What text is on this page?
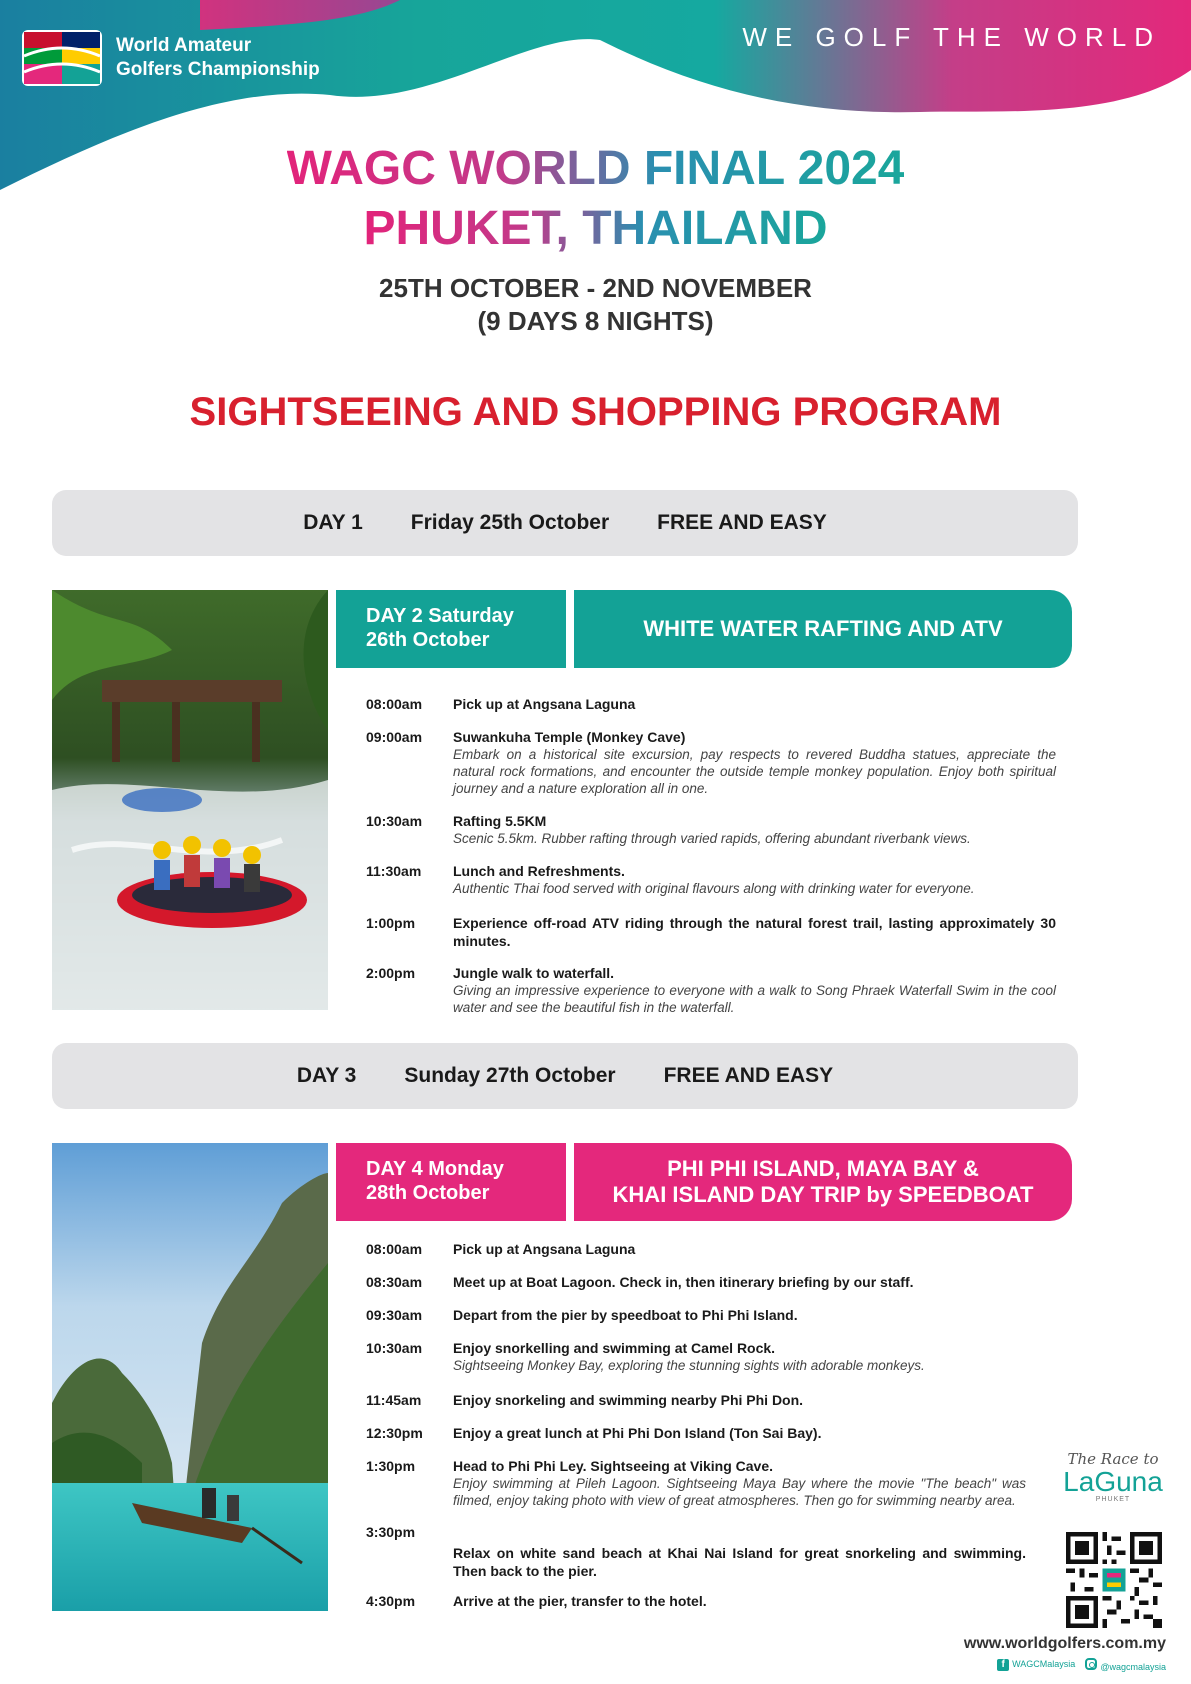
World Amateur
Golfers Championship
WE GOLF THE WORLD
WAGC WORLD FINAL 2024
PHUKET, THAILAND
25TH OCTOBER - 2ND NOVEMBER
(9 DAYS 8 NIGHTS)
SIGHTSEEING AND SHOPPING PROGRAM
DAY 1 Friday 25th October FREE AND EASY
DAY 2 Saturday
26th October	WHITE WATER RAFTING AND ATV
08:00am	Pick up at Angsana Laguna
09:00am	Suwankuha Temple (Monkey Cave)
Embark on a historical site excursion, pay respects to revered Buddha statues, appreciate the natural rock formations, and encounter the outside temple monkey population. Enjoy both spiritual journey and a nature exploration all in one.
10:30am	Rafting 5.5KM
Scenic 5.5km. Rubber rafting through varied rapids, offering abundant riverbank views.
11:30am	Lunch and Refreshments.
Authentic Thai food served with original flavours along with drinking water for everyone.
1:00pm	Experience off-road ATV riding through the natural forest trail, lasting approximately 30 minutes.
2:00pm	Jungle walk to waterfall.
Giving an impressive experience to everyone with a walk to Song Phraek Waterfall Swim in the cool water and see the beautiful fish in the waterfall.
DAY 3 Sunday 27th October FREE AND EASY
DAY 4 Monday
28th October
PHI PHI ISLAND, MAYA BAY &
KHAI ISLAND DAY TRIP by SPEEDBOAT
08:00am	Pick up at Angsana Laguna
08:30am	Meet up at Boat Lagoon. Check in, then itinerary briefing by our staff.
09:30am	Depart from the pier by speedboat to Phi Phi Island.
10:30am	Enjoy snorkelling and swimming at Camel Rock.
Sightseeing Monkey Bay, exploring the stunning sights with adorable monkeys.
11:45am	Enjoy snorkeling and swimming nearby Phi Phi Don.
12:30pm	Enjoy a great lunch at Phi Phi Don Island (Ton Sai Bay).
1:30pm	Head to Phi Phi Ley. Sightseeing at Viking Cave.
Enjoy swimming at Pileh Lagoon. Sightseeing Maya Bay where the movie "The beach" was filmed, enjoy taking photo with view of great atmospheres. Then go for swimming nearby area.
3:30pm
Relax on white sand beach at Khai Nai Island for great snorkeling and swimming. Then back to the pier.
4:30pm	Arrive at the pier, transfer to the hotel.
The Race to
LaGuna
PHUKET
www.worldgolfers.com.my
f WAGCMalaysia	@wagcmalaysia
